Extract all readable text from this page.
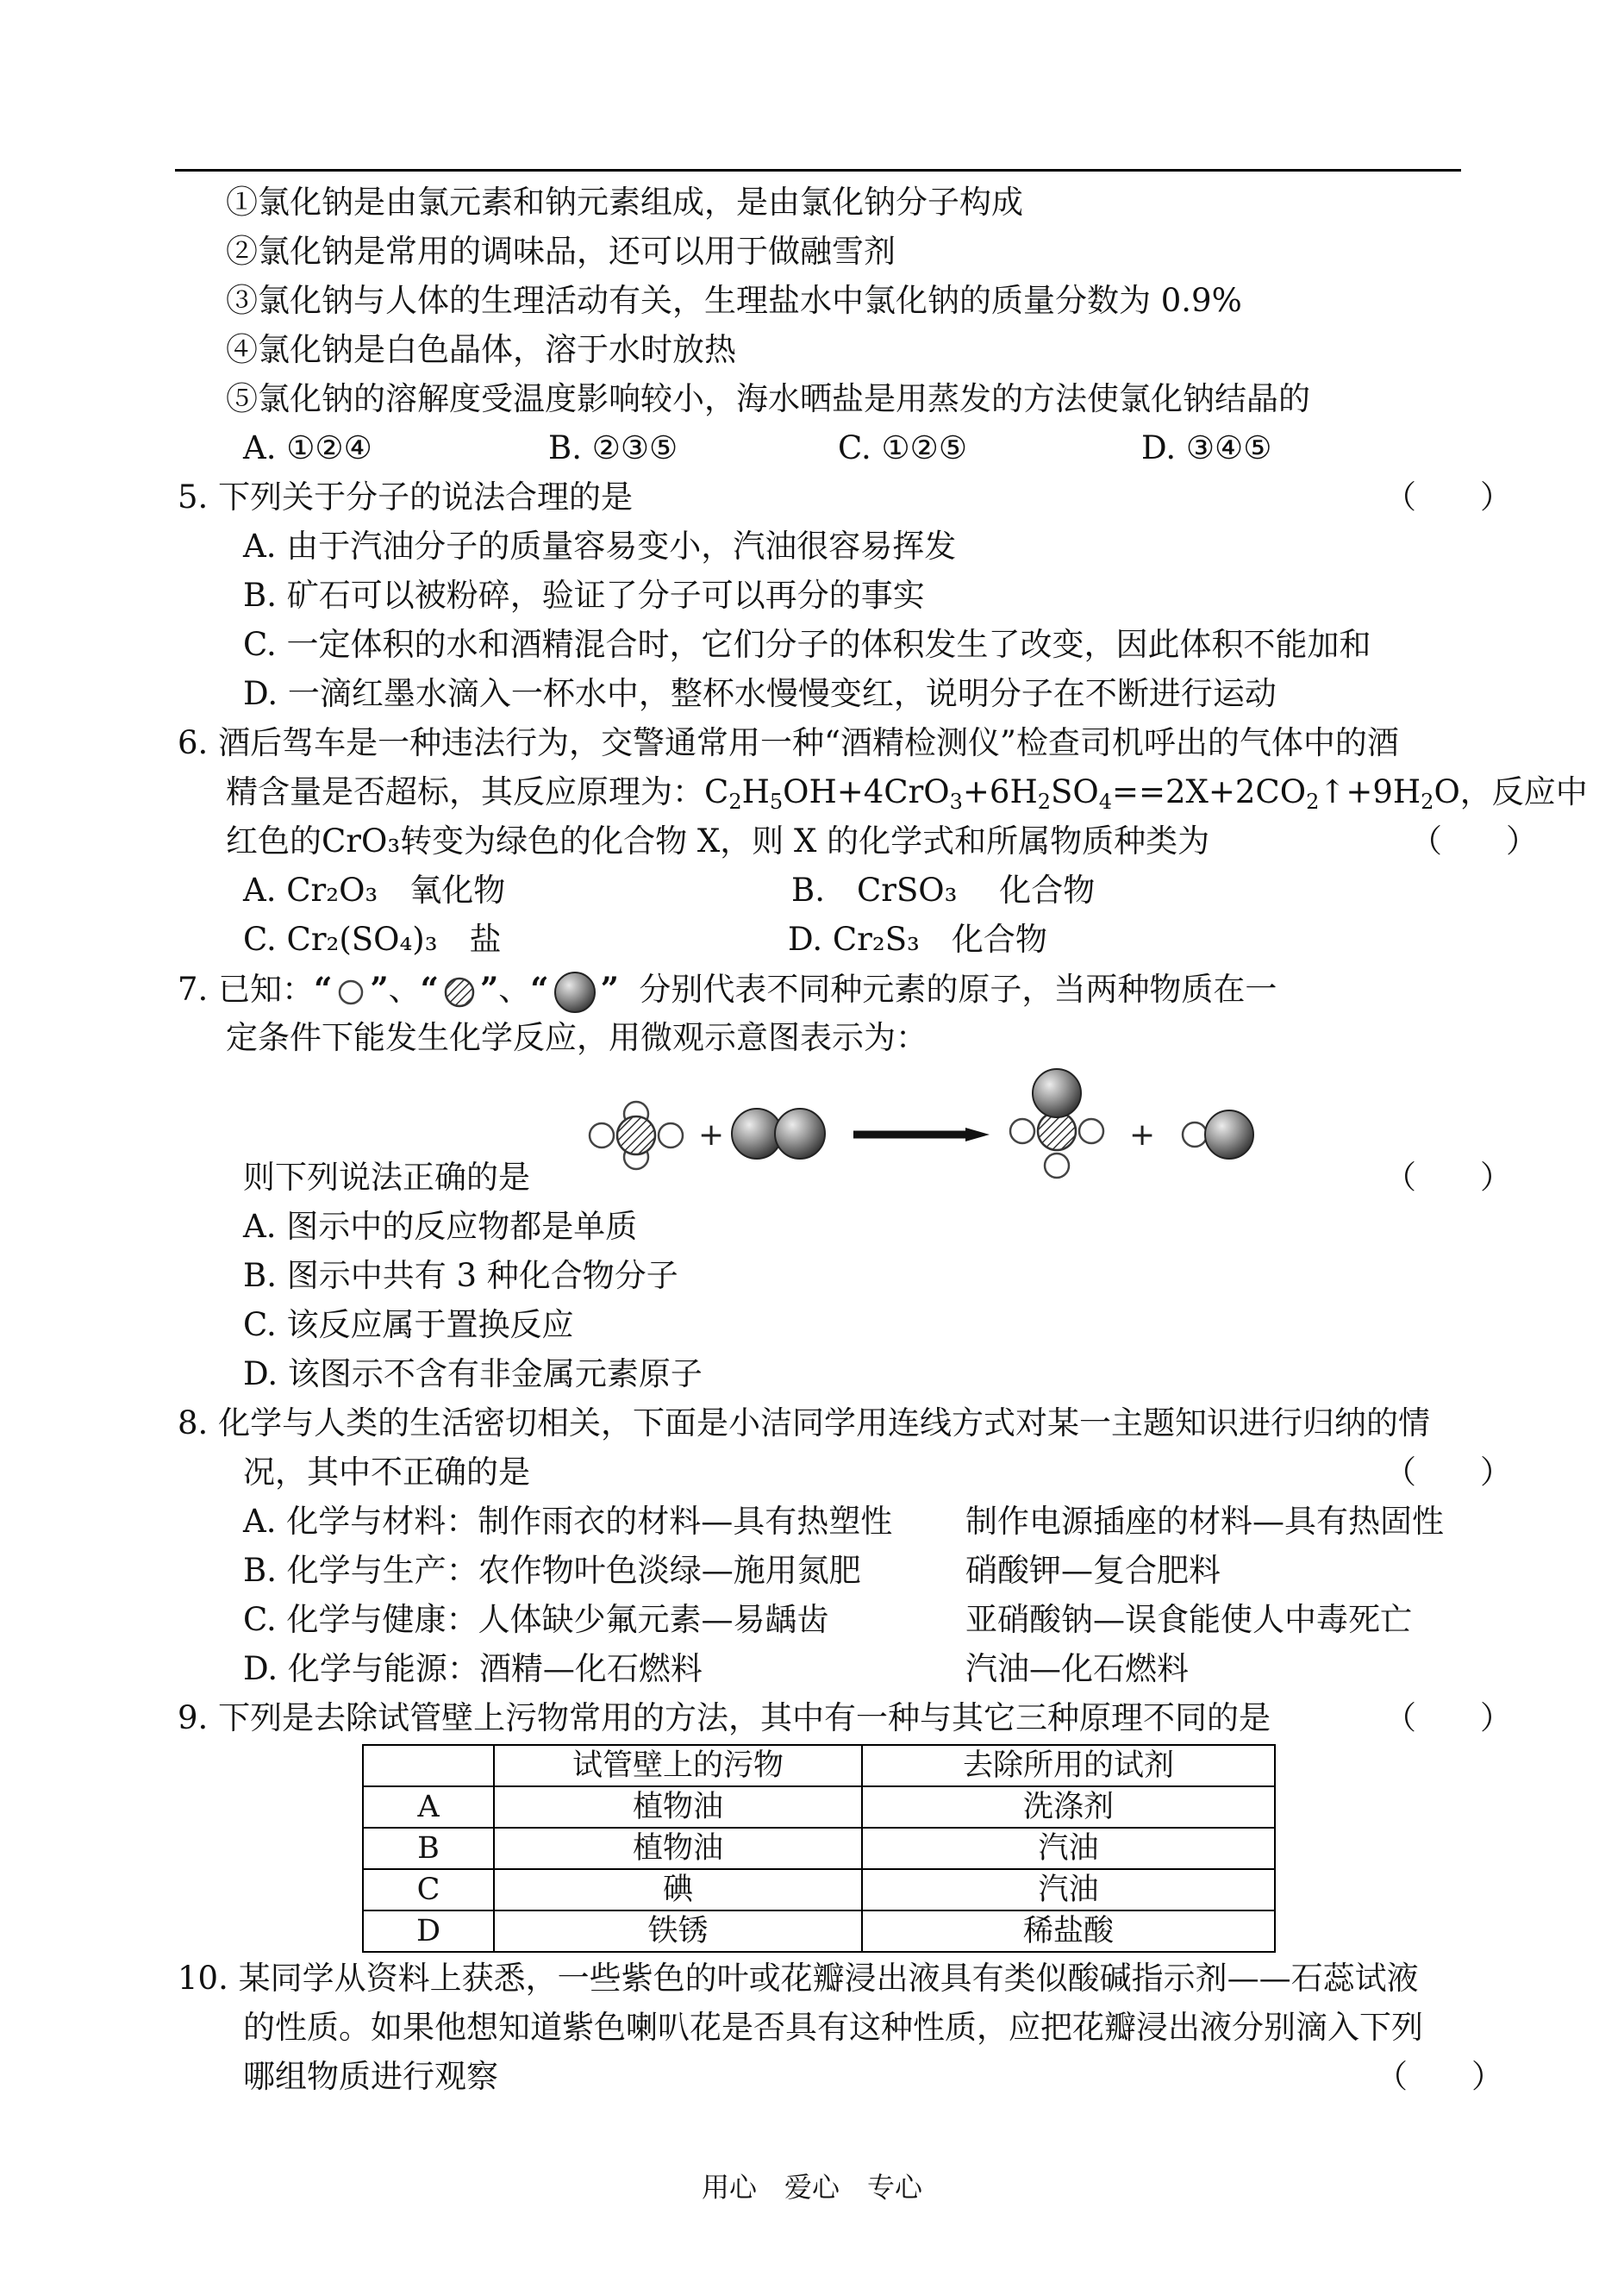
①氯化钠是由氯元素和钠元素组成，是由氯化钠分子构成
②氯化钠是常用的调味品，还可以用于做融雪剂
③氯化钠与人体的生理活动有关，生理盐水中氯化钠的质量分数为 0.9%
④氯化钠是白色晶体，溶于水时放热
⑤氯化钠的溶解度受温度影响较小，海水晒盐是用蒸发的方法使氯化钠结晶的
A. ①②④	B. ②③⑤	C. ①②⑤	D. ③④⑤
5. 下列关于分子的说法合理的是	（　　）
A. 由于汽油分子的质量容易变小，汽油很容易挥发
B. 矿石可以被粉碎，验证了分子可以再分的事实
C. 一定体积的水和酒精混合时，它们分子的体积发生了改变，因此体积不能加和
D. 一滴红墨水滴入一杯水中，整杯水慢慢变红，说明分子在不断进行运动
6. 酒后驾车是一种违法行为，交警通常用一种“酒精检测仪”检查司机呼出的气体中的酒
精含量是否超标，其反应原理为：$C_2H_5OH+4CrO_3+6H_2SO_4==2X+2CO_2↑+9H_2O$，反应中
红色的CrO₃转变为绿色的化合物 X，则 X 的化学式和所属物质种类为	（　　）
A. Cr₂O₃　氧化物	B.　CrSO₃　 化合物
C. Cr₂(SO₄)₃　盐	D. Cr₂S₃　化合物
7. 已知：“ ”、“ ”、“ ” 分别代表不同种元素的原子，当两种物质在一
定条件下能发生化学反应，用微观示意图表示为：
+	+
则下列说法正确的是	（　　）
A. 图示中的反应物都是单质
B. 图示中共有 3 种化合物分子
C. 该反应属于置换反应
D. 该图示不含有非金属元素原子
8. 化学与人类的生活密切相关，下面是小洁同学用连线方式对某一主题知识进行归纳的情
况，其中不正确的是	（　　）
A. 化学与材料：制作雨衣的材料—具有热塑性 制作电源插座的材料—具有热固性
B. 化学与生产：农作物叶色淡绿—施用氮肥	硝酸钾—复合肥料
C. 化学与健康：人体缺少氟元素—易龋齿	亚硝酸钠—误食能使人中毒死亡
D. 化学与能源：酒精—化石燃料	汽油—化石燃料
9. 下列是去除试管壁上污物常用的方法，其中有一种与其它三种原理不同的是	（　　）
	试管壁上的污物	去除所用的试剂
A	植物油	洗涤剂
B	植物油	汽油
C	碘	汽油
D	铁锈	稀盐酸
10. 某同学从资料上获悉，一些紫色的叶或花瓣浸出液具有类似酸碱指示剂——石蕊试液
的性质。如果他想知道紫色喇叭花是否具有这种性质，应把花瓣浸出液分别滴入下列
哪组物质进行观察	（　　）
用心　爱心　专心
